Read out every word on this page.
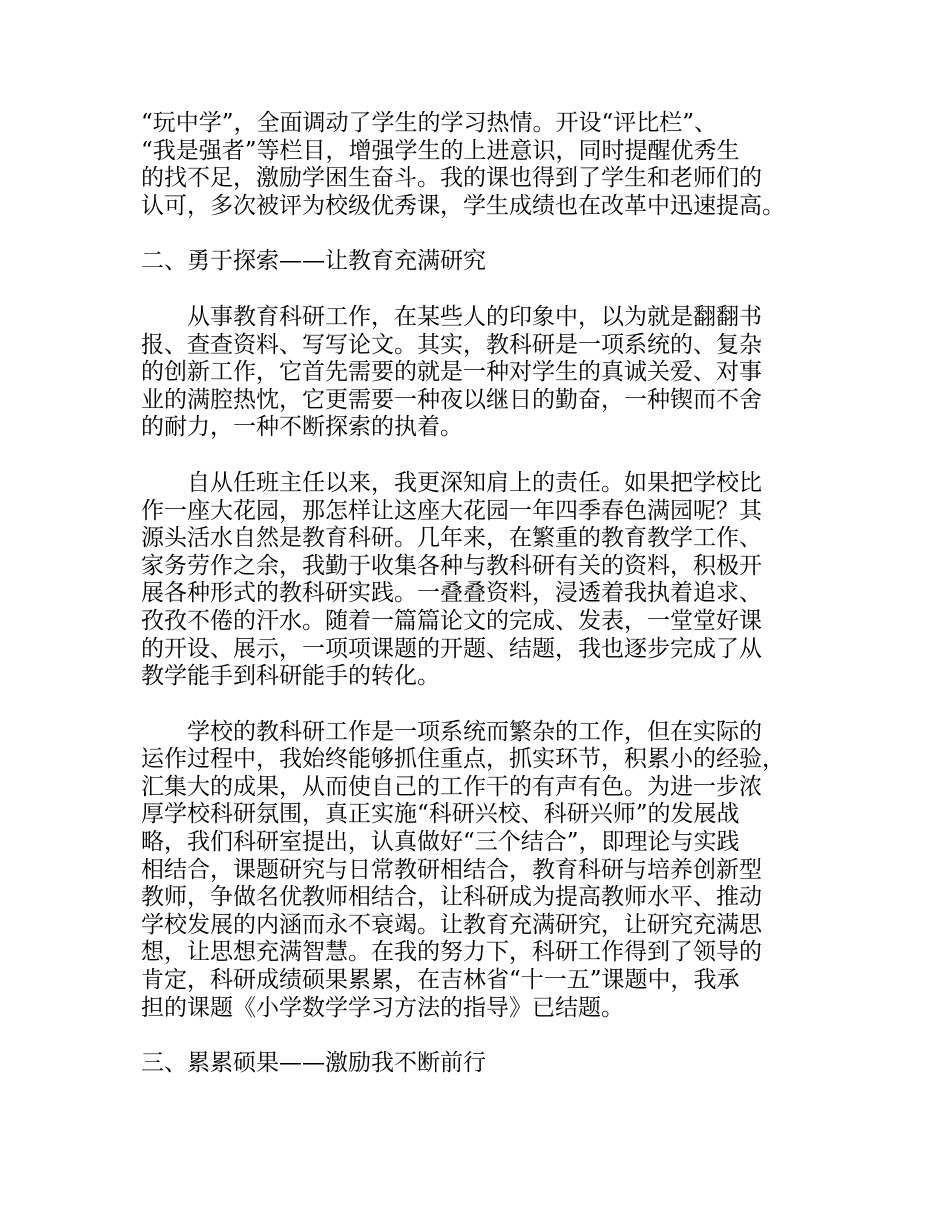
“玩中学”，全面调动了学生的学习热情。开设“评比栏”、
“我是强者”等栏目，增强学生的上进意识，同时提醒优秀生
的找不足，激励学困生奋斗。我的课也得到了学生和老师们的
认可，多次被评为校级优秀课，学生成绩也在改革中迅速提高。

二、勇于探索——让教育充满研究

　　从事教育科研工作，在某些人的印象中，以为就是翻翻书
报、查查资料、写写论文。其实，教科研是一项系统的、复杂
的创新工作，它首先需要的就是一种对学生的真诚关爱、对事
业的满腔热忱，它更需要一种夜以继日的勤奋，一种锲而不舍
的耐力，一种不断探索的执着。

　　自从任班主任以来，我更深知肩上的责任。如果把学校比
作一座大花园，那怎样让这座大花园一年四季春色满园呢？其
源头活水自然是教育科研。几年来，在繁重的教育教学工作、
家务劳作之余，我勤于收集各种与教科研有关的资料，积极开
展各种形式的教科研实践。一叠叠资料，浸透着我执着追求、
孜孜不倦的汗水。随着一篇篇论文的完成、发表，一堂堂好课
的开设、展示，一项项课题的开题、结题，我也逐步完成了从
教学能手到科研能手的转化。

　　学校的教科研工作是一项系统而繁杂的工作，但在实际的
运作过程中，我始终能够抓住重点，抓实环节，积累小的经验，
汇集大的成果，从而使自己的工作干的有声有色。为进一步浓
厚学校科研氛围，真正实施“科研兴校、科研兴师”的发展战
略，我们科研室提出，认真做好“三个结合”，即理论与实践
相结合，课题研究与日常教研相结合，教育科研与培养创新型
教师，争做名优教师相结合，让科研成为提高教师水平、推动
学校发展的内涵而永不衰竭。让教育充满研究，让研究充满思
想，让思想充满智慧。在我的努力下，科研工作得到了领导的
肯定，科研成绩硕果累累，在吉林省“十一五”课题中，我承
担的课题《小学数学学习方法的指导》已结题。

三、累累硕果——激励我不断前行
